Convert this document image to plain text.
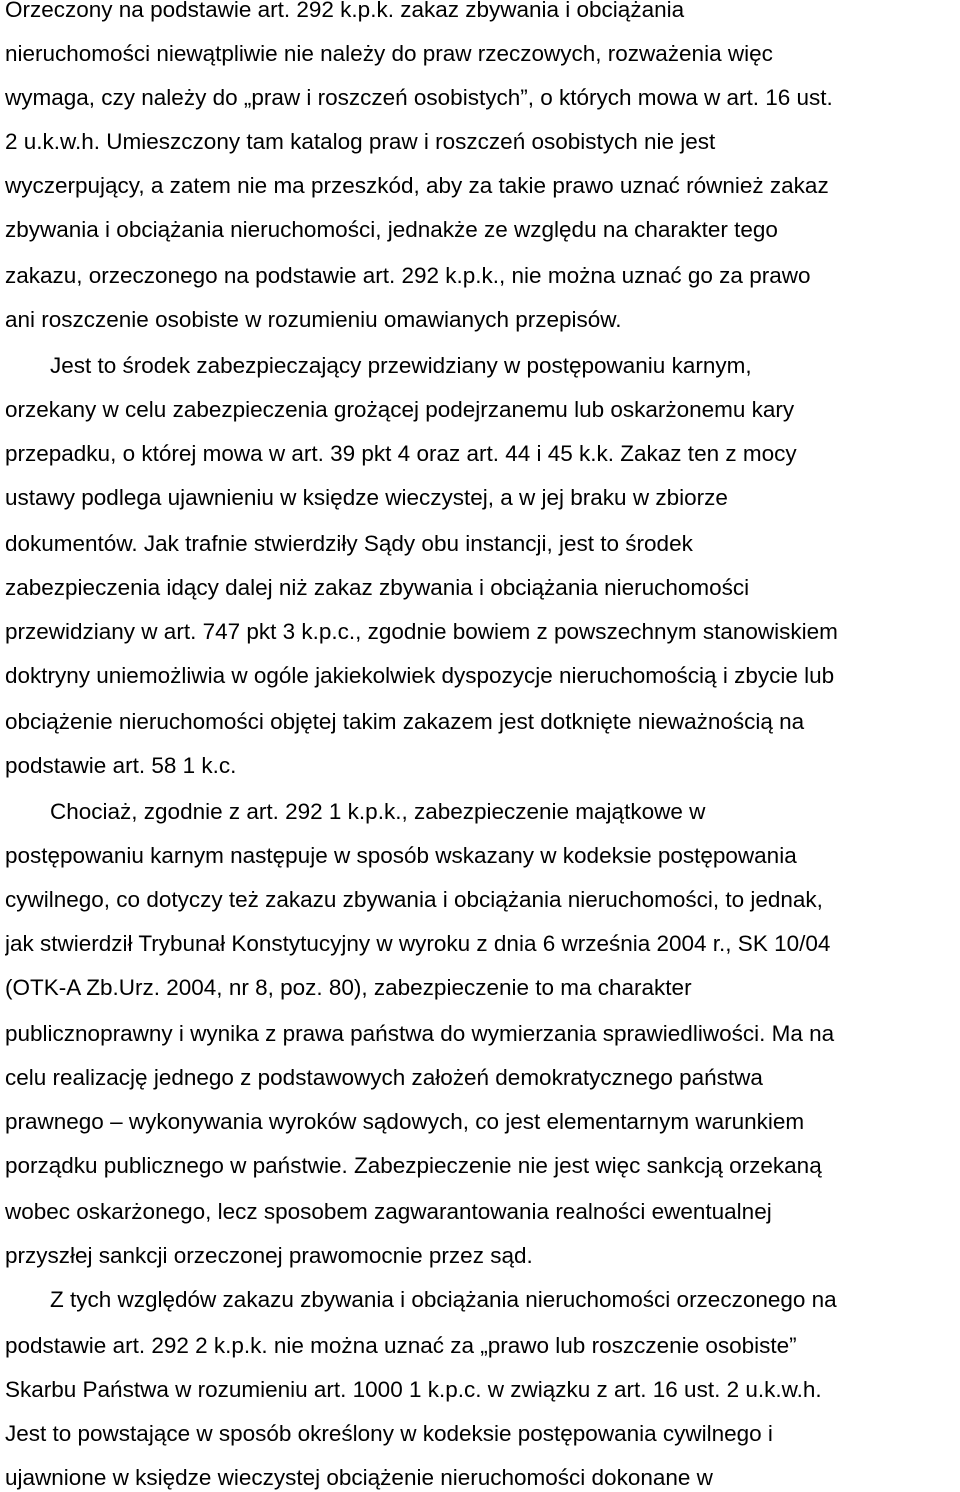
Orzeczony na podstawie art. 292 k.p.k. zakaz zbywania i obciążania
nieruchomości niewątpliwie nie należy do praw rzeczowych, rozważenia więc
wymaga, czy należy do „praw i roszczeń osobistych”, o których mowa w art. 16 ust.
2 u.k.w.h. Umieszczony tam katalog praw i roszczeń osobistych nie jest
wyczerpujący, a zatem nie ma przeszkód, aby za takie prawo uznać również zakaz
zbywania i obciążania nieruchomości, jednakże ze względu na charakter tego
zakazu, orzeczonego na podstawie art. 292 k.p.k., nie można uznać go za prawo
ani roszczenie osobiste w rozumieniu omawianych przepisów.
Jest to środek zabezpieczający przewidziany w postępowaniu karnym,
orzekany w celu zabezpieczenia grożącej podejrzanemu lub oskarżonemu kary
przepadku, o której mowa w art. 39 pkt 4 oraz art. 44 i 45 k.k. Zakaz ten z mocy
ustawy podlega ujawnieniu w księdze wieczystej, a w jej braku w zbiorze
dokumentów. Jak trafnie stwierdziły Sądy obu instancji, jest to środek
zabezpieczenia idący dalej niż zakaz zbywania i obciążania nieruchomości
przewidziany w art. 747 pkt 3 k.p.c., zgodnie bowiem z powszechnym stanowiskiem
doktryny uniemożliwia w ogóle jakiekolwiek dyspozycje nieruchomością i zbycie lub
obciążenie nieruchomości objętej takim zakazem jest dotknięte nieważnością na
podstawie art. 58 1 k.c.
Chociaż, zgodnie z art. 292 1 k.p.k., zabezpieczenie majątkowe w
postępowaniu karnym następuje w sposób wskazany w kodeksie postępowania
cywilnego, co dotyczy też zakazu zbywania i obciążania nieruchomości, to jednak,
jak stwierdził Trybunał Konstytucyjny w wyroku z dnia 6 września 2004 r., SK 10/04
(OTK-A Zb.Urz. 2004, nr 8, poz. 80), zabezpieczenie to ma charakter
publicznoprawny i wynika z prawa państwa do wymierzania sprawiedliwości. Ma na
celu realizację jednego z podstawowych założeń demokratycznego państwa
prawnego – wykonywania wyroków sądowych, co jest elementarnym warunkiem
porządku publicznego w państwie. Zabezpieczenie nie jest więc sankcją orzekaną
wobec oskarżonego, lecz sposobem zagwarantowania realności ewentualnej
przyszłej sankcji orzeczonej prawomocnie przez sąd.
Z tych względów zakazu zbywania i obciążania nieruchomości orzeczonego na
podstawie art. 292 2 k.p.k. nie można uznać za „prawo lub roszczenie osobiste”
Skarbu Państwa w rozumieniu art. 1000 1 k.p.c. w związku z art. 16 ust. 2 u.k.w.h.
Jest to powstające w sposób określony w kodeksie postępowania cywilnego i
ujawnione w księdze wieczystej obciążenie nieruchomości dokonane w
